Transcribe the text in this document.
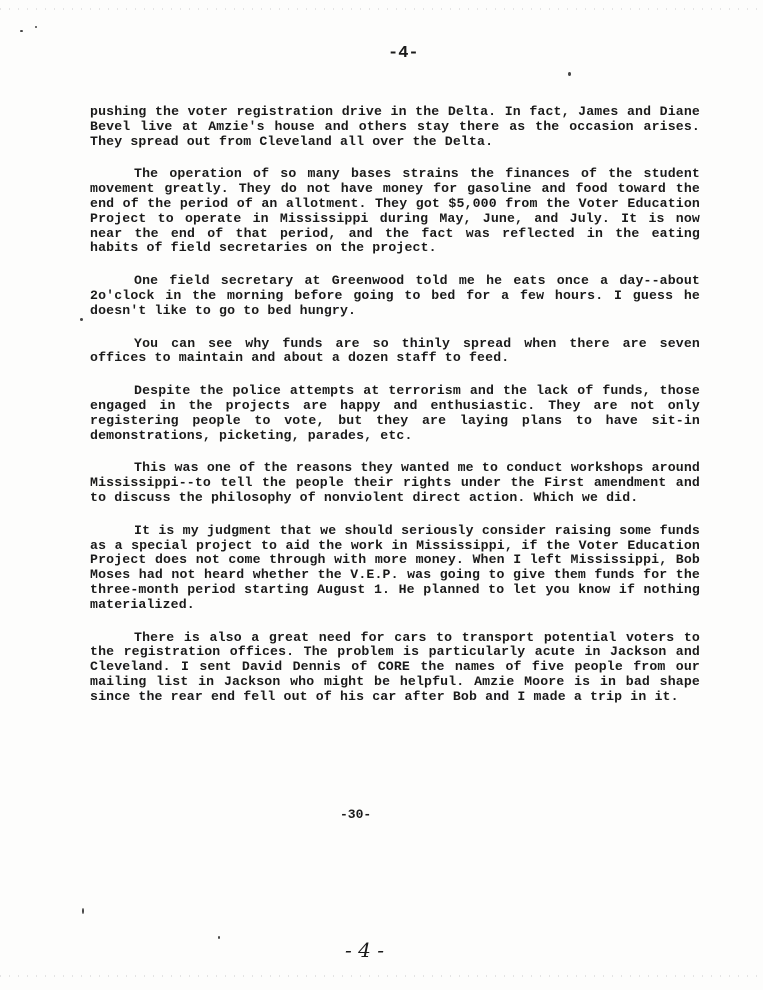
-4-

pushing the voter registration drive in the Delta. In fact, James and Diane Bevel live at Amzie's house and others stay there as the occasion arises. They spread out from Cleveland all over the Delta.

The operation of so many bases strains the finances of the student movement greatly. They do not have money for gasoline and food toward the end of the period of an allotment. They got $5,000 from the Voter Education Project to operate in Mississippi during May, June, and July. It is now near the end of that period, and the fact was reflected in the eating habits of field secretaries on the project.

One field secretary at Greenwood told me he eats once a day--about 2o'clock in the morning before going to bed for a few hours. I guess he doesn't like to go to bed hungry.

You can see why funds are so thinly spread when there are seven offices to maintain and about a dozen staff to feed.

Despite the police attempts at terrorism and the lack of funds, those engaged in the projects are happy and enthusiastic. They are not only registering people to vote, but they are laying plans to have sit-in demonstrations, picketing, parades, etc.

This was one of the reasons they wanted me to conduct workshops around Mississippi--to tell the people their rights under the First amendment and to discuss the philosophy of nonviolent direct action. Which we did.

It is my judgment that we should seriously consider raising some funds as a special project to aid the work in Mississippi, if the Voter Education Project does not come through with more money. When I left Mississippi, Bob Moses had not heard whether the V.E.P. was going to give them funds for the three-month period starting August 1. He planned to let you know if nothing materialized.

There is also a great need for cars to transport potential voters to the registration offices. The problem is particularly acute in Jackson and Cleveland. I sent David Dennis of CORE the names of five people from our mailing list in Jackson who might be helpful. Amzie Moore is in bad shape since the rear end fell out of his car after Bob and I made a trip in it.

-30-
- 4 -
